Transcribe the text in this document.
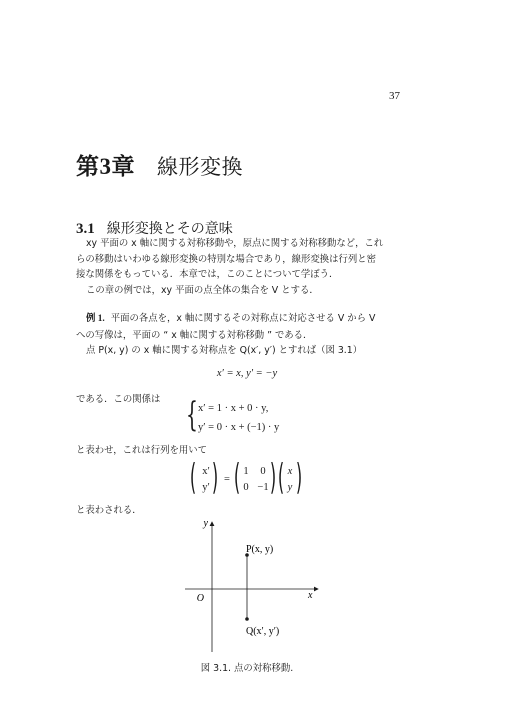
37
第3章 線形変換
3.1 線形変換とその意味
xy 平面の x 軸に関する対称移動や，原点に関する対称移動など，これ
らの移動はいわゆる線形変換の特別な場合であり，線形変換は行列と密
接な関係をもっている．本章では，このことについて学ぼう．
この章の例では，xy 平面の点全体の集合を V とする．
例 1. 平面の各点を，x 軸に関するその対称点に対応させる V から V
への写像は，平面の “ x 軸に関する対称移動 ” である．
点 P(x, y) の x 軸に関する対称点を Q(x′, y′) とすれば（図 3.1）
x′ = x, y′ = −y
である．この関係は { x′ = 1 · x + 0 · y,
y′ = 0 · x + (−1) · y
と表わせ，これは行列を用いて
( x′
y′ ) = ( 1	0
0 −1 ) ( x
y )
と表わされる．
y
x
O
P(x, y)
Q(x′, y′)
図 3.1. 点の対称移動.
